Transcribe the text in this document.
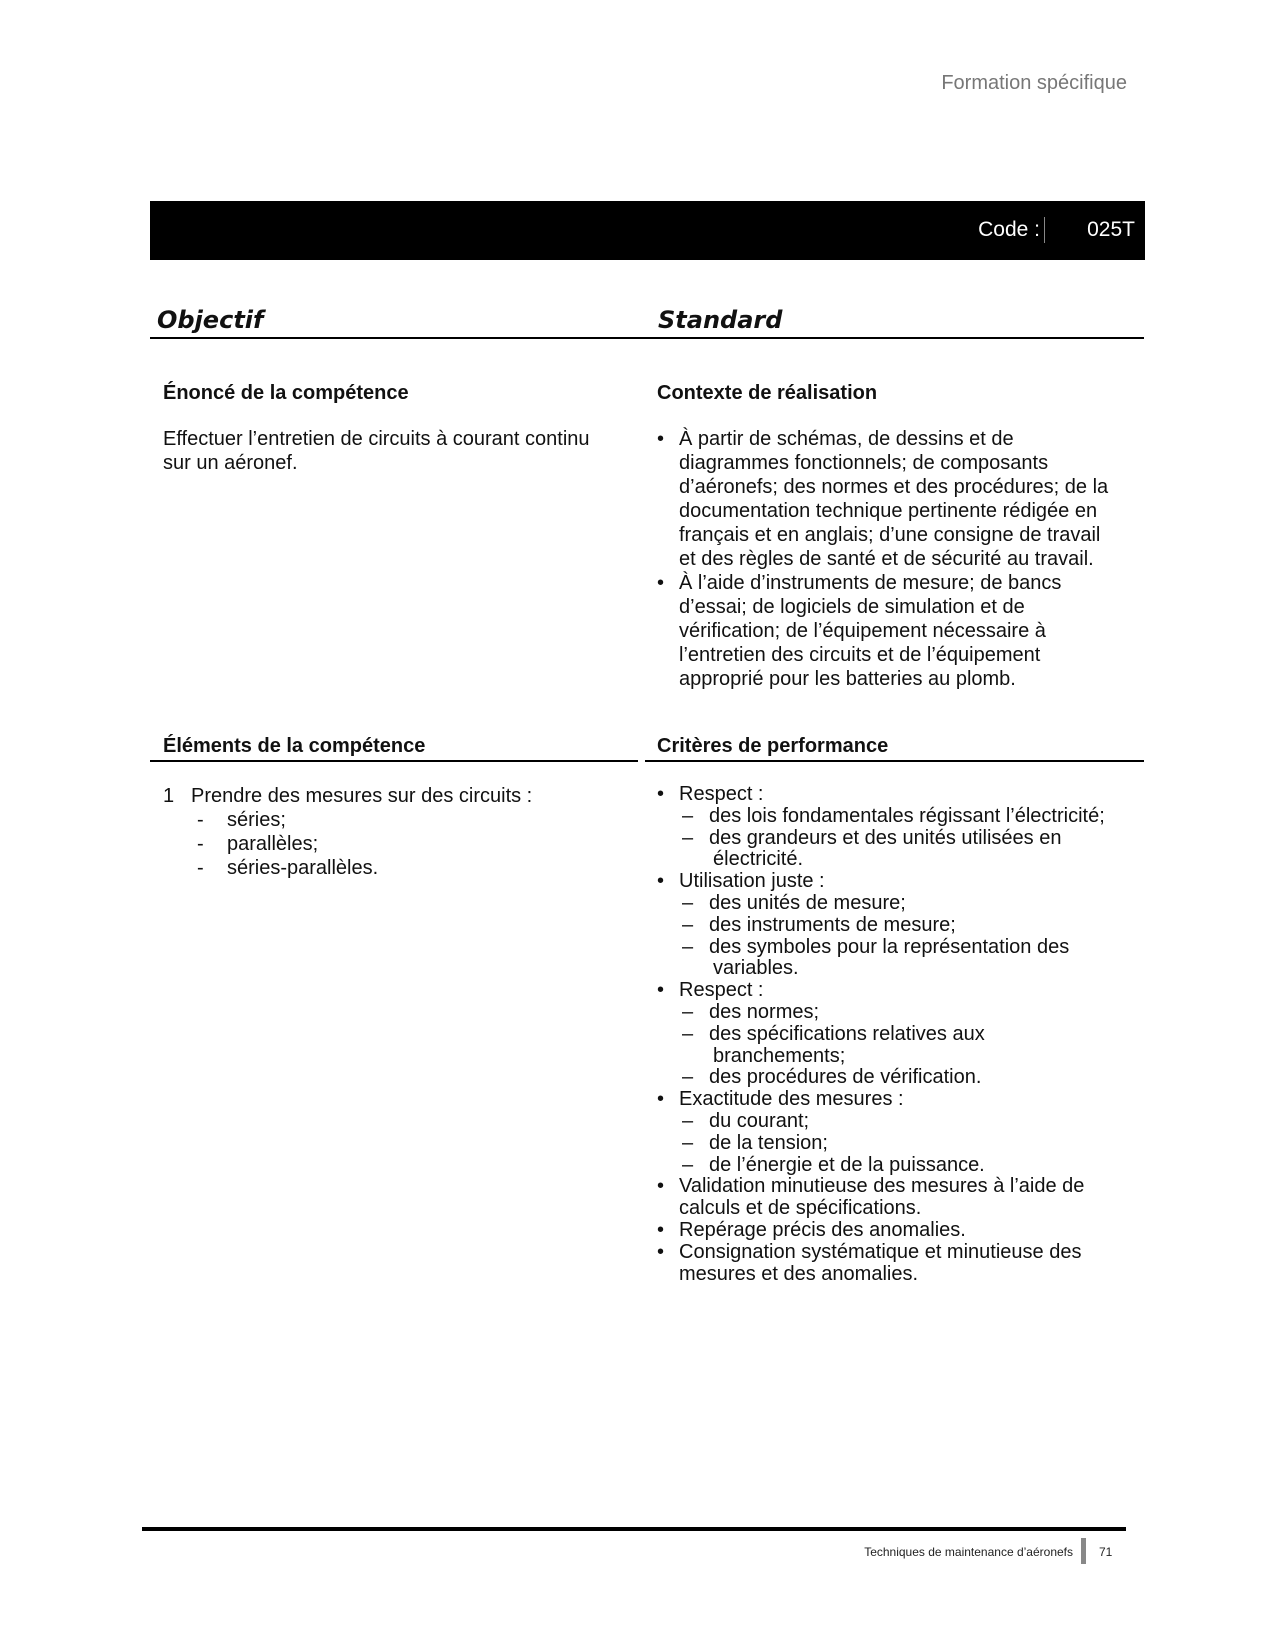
Formation spécifique
Code : 025T
Objectif	Standard
Énoncé de la compétence
Effectuer l’entretien de circuits à courant continu
sur un aéronef.
Contexte de réalisation
• À partir de schémas, de dessins et de
diagrammes fonctionnels; de composants
d’aéronefs; des normes et des procédures; de la
documentation technique pertinente rédigée en
français et en anglais; d’une consigne de travail
et des règles de santé et de sécurité au travail.
• À l’aide d’instruments de mesure; de bancs
d’essai; de logiciels de simulation et de
vérification; de l’équipement nécessaire à
l’entretien des circuits et de l’équipement
approprié pour les batteries au plomb.
Éléments de la compétence	Critères de performance
1 Prendre des mesures sur des circuits :
- séries;
- parallèles;
- séries-parallèles.
• Respect :
– des lois fondamentales régissant l’électricité;
– des grandeurs et des unités utilisées en
électricité.
• Utilisation juste :
– des unités de mesure;
– des instruments de mesure;
– des symboles pour la représentation des
variables.
• Respect :
– des normes;
– des spécifications relatives aux
branchements;
– des procédures de vérification.
• Exactitude des mesures :
– du courant;
– de la tension;
– de l’énergie et de la puissance.
• Validation minutieuse des mesures à l’aide de
calculs et de spécifications.
• Repérage précis des anomalies.
• Consignation systématique et minutieuse des
mesures et des anomalies.
Techniques de maintenance d’aéronefs 71
